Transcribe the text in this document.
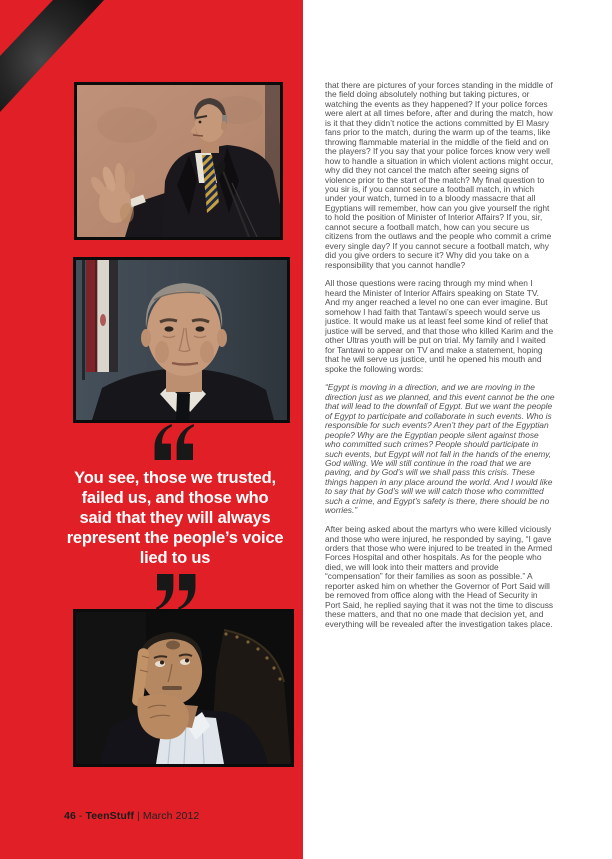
You see, those we trusted,
failed us, and those who
said that they will always
represent the people’s voice
lied to us
46 - TeenStuff | March 2012

that there are pictures of your forces standing in the middle of the field doing absolutely nothing but taking pictures, or watching the events as they happened? If your police forces were alert at all times before, after and during the match, how is it that they didn’t notice the actions committed by El Masry fans prior to the match, during the warm up of the teams, like throwing flammable material in the middle of the field and on the players? If you say that your police forces know very well how to handle a situation in which violent actions might occur, why did they not cancel the match after seeing signs of violence prior to the start of the match? My final question to you sir is, if you cannot secure a football match, in which under your watch, turned in to a bloody massacre that all Egyptians will remember, how can you give yourself the right to hold the position of Minister of Interior Affairs? If you, sir, cannot secure a football match, how can you secure us citizens from the outlaws and the people who commit a crime every single day? If you cannot secure a football match, why did you give orders to secure it? Why did you take on a responsibility that you cannot handle?

All those questions were racing through my mind when I heard the Minister of Interior Affairs speaking on State TV. And my anger reached a level no one can ever imagine. But somehow I had faith that Tantawi’s speech would serve us justice. It would make us at least feel some kind of relief that justice will be served, and that those who killed Karim and the other Ultras youth will be put on trial. My family and I waited for Tantawi to appear on TV and make a statement, hoping that he will serve us justice, until he opened his mouth and spoke the following words:

“Egypt is moving in a direction, and we are moving in the direction just as we planned, and this event cannot be the one that will lead to the downfall of Egypt. But we want the people of Egypt to participate and collaborate in such events. Who is responsible for such events? Aren’t they part of the Egyptian people? Why are the Egyptian people silent against those who committed such crimes? People should participate in such events, but Egypt will not fall in the hands of the enemy, God willing. We will still continue in the road that we are paving, and by God’s will we shall pass this crisis. These things happen in any place around the world. And I would like to say that by God’s will we will catch those who committed such a crime, and Egypt’s safety is there, there should be no worries.”

After being asked about the martyrs who were killed viciously and those who were injured, he responded by saying, “I gave orders that those who were injured to be treated in the Armed Forces Hospital and other hospitals. As for the people who died, we will look into their matters and provide “compensation” for their families as soon as possible.” A reporter asked him on whether the Governor of Port Said will be removed from office along with the Head of Security in Port Said, he replied saying that it was not the time to discuss these matters, and that no one made that decision yet, and everything will be revealed after the investigation takes place.
